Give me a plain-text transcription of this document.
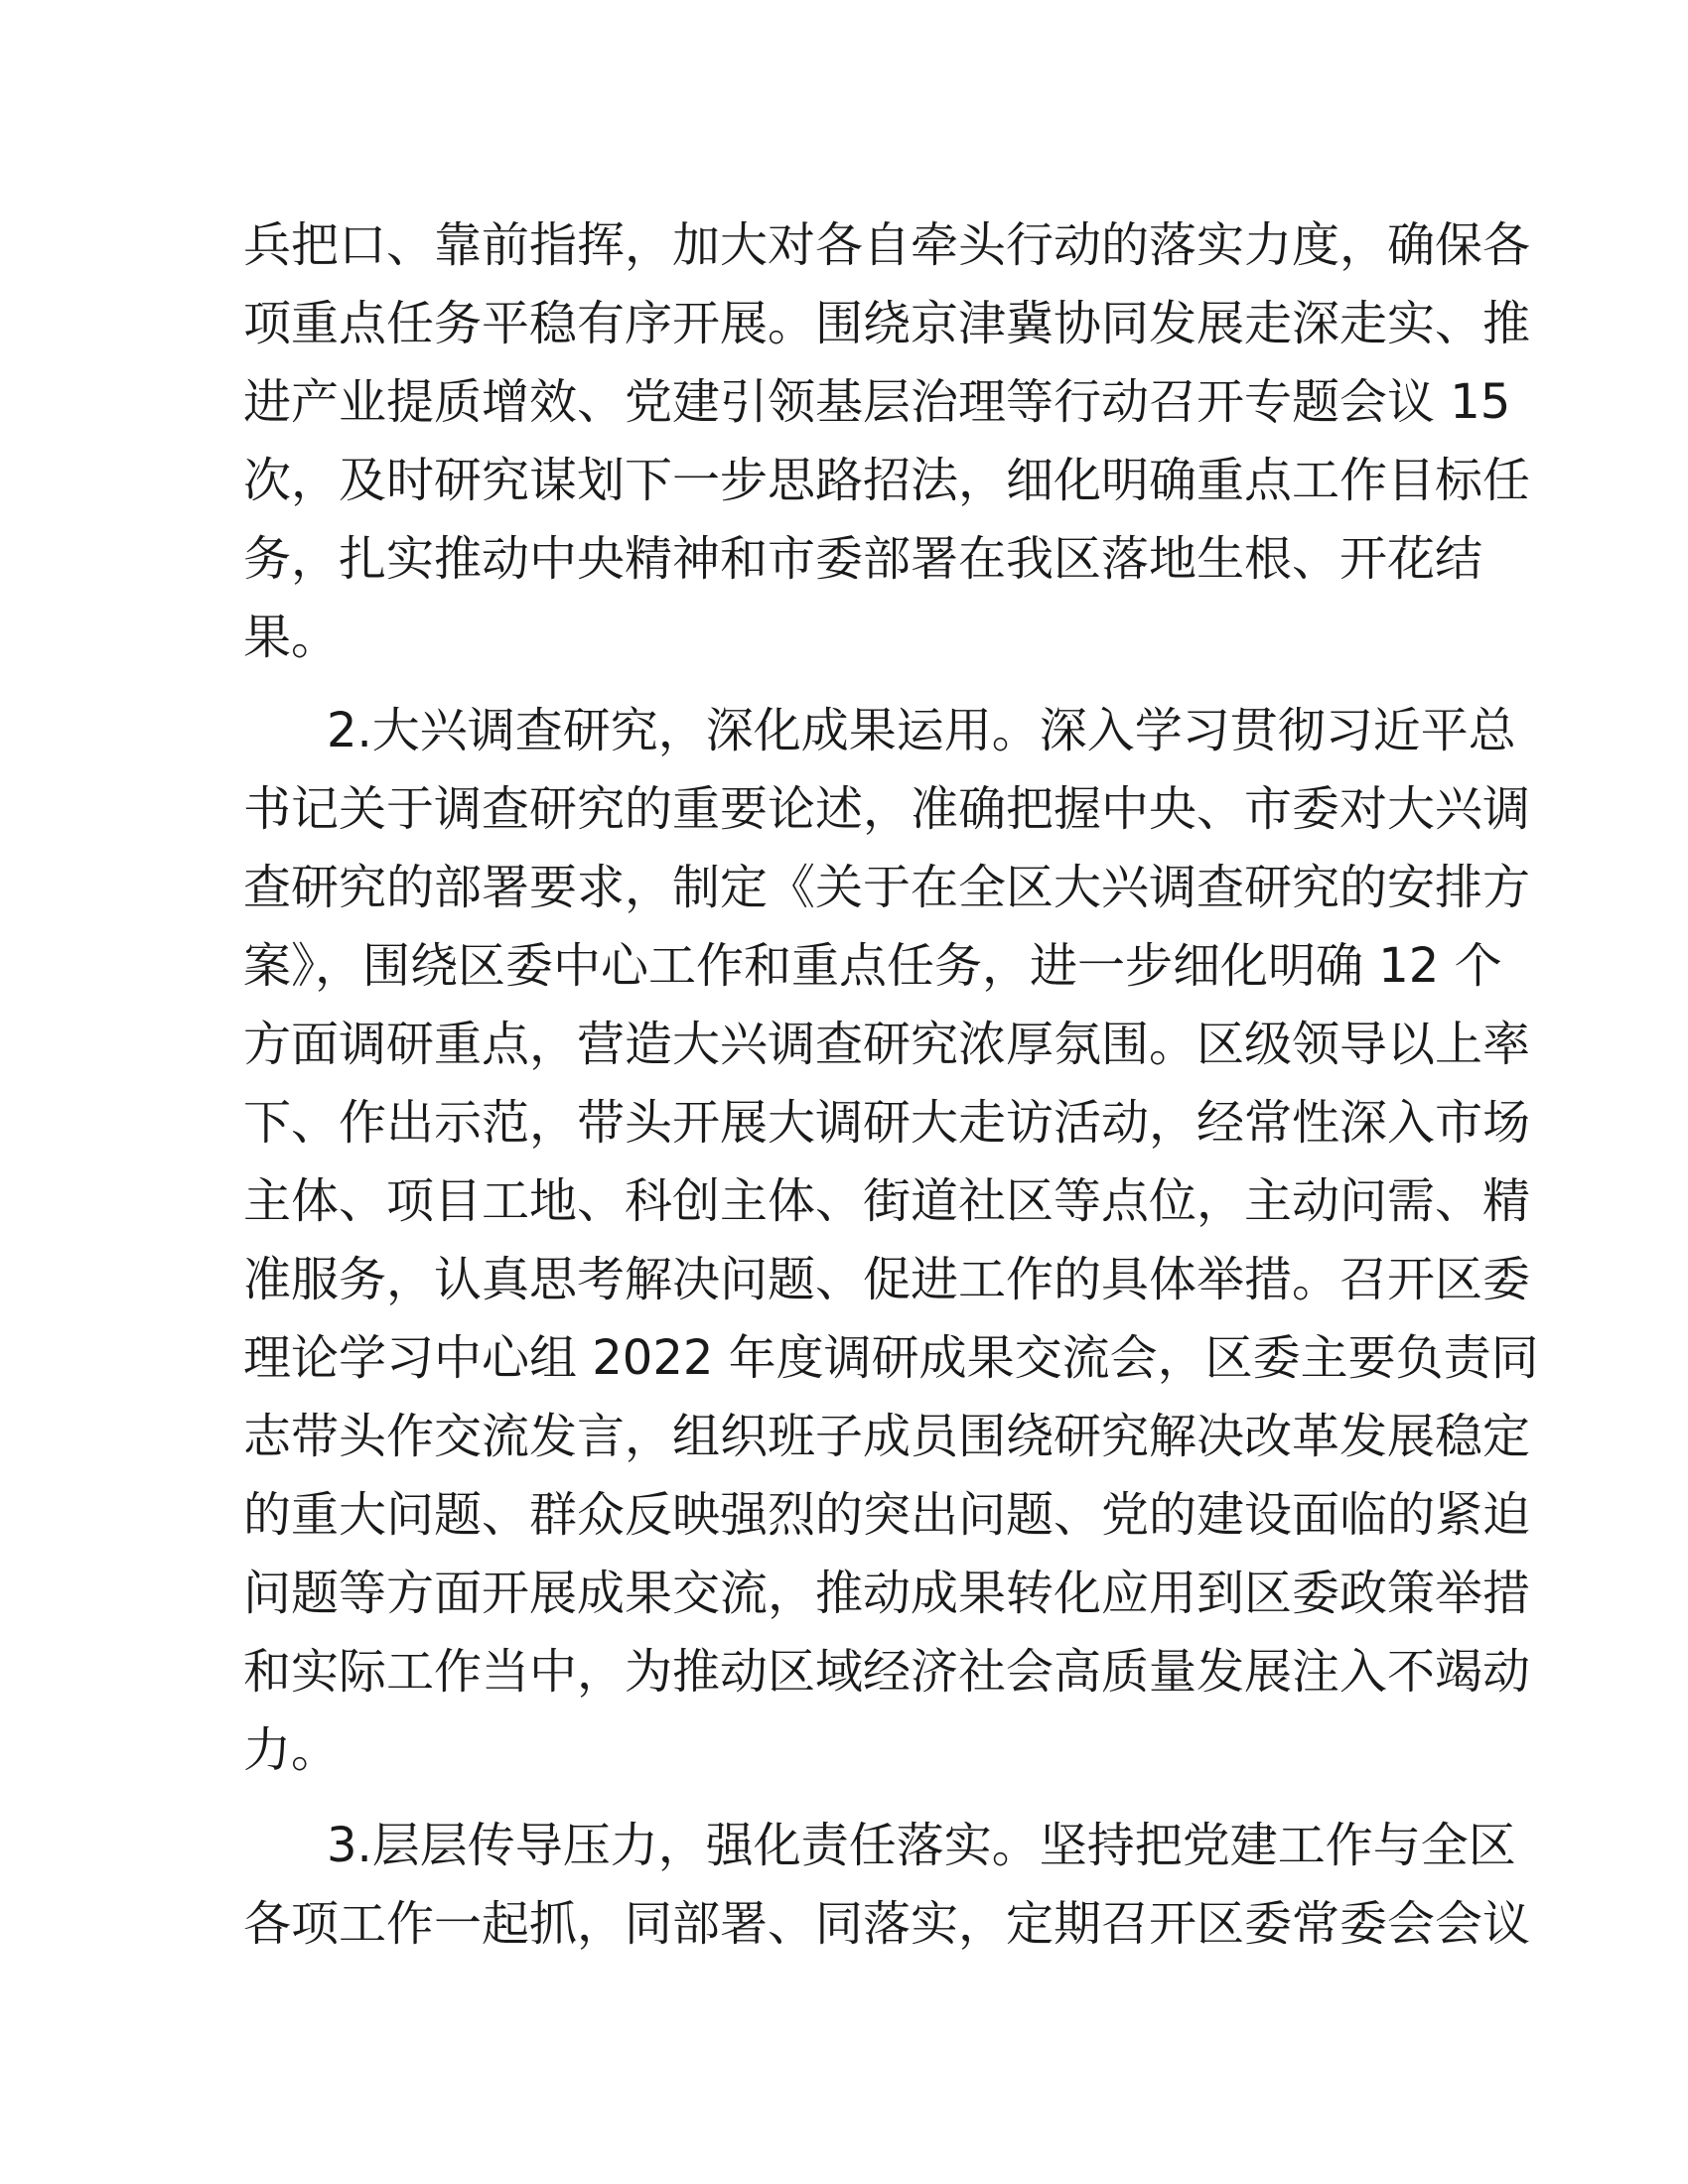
兵把口、靠前指挥，加大对各自牵头行动的落实力度，确保各
项重点任务平稳有序开展。围绕京津冀协同发展走深走实、推
进产业提质增效、党建引领基层治理等行动召开专题会议 15
次，及时研究谋划下一步思路招法，细化明确重点工作目标任
务，扎实推动中央精神和市委部署在我区落地生根、开花结
果。
2.大兴调查研究，深化成果运用。深入学习贯彻习近平总
书记关于调查研究的重要论述，准确把握中央、市委对大兴调
查研究的部署要求，制定《关于在全区大兴调查研究的安排方
案》，围绕区委中心工作和重点任务，进一步细化明确 12 个
方面调研重点，营造大兴调查研究浓厚氛围。区级领导以上率
下、作出示范，带头开展大调研大走访活动，经常性深入市场
主体、项目工地、科创主体、街道社区等点位，主动问需、精
准服务，认真思考解决问题、促进工作的具体举措。召开区委
理论学习中心组 2022 年度调研成果交流会，区委主要负责同
志带头作交流发言，组织班子成员围绕研究解决改革发展稳定
的重大问题、群众反映强烈的突出问题、党的建设面临的紧迫
问题等方面开展成果交流，推动成果转化应用到区委政策举措
和实际工作当中，为推动区域经济社会高质量发展注入不竭动
力。
3.层层传导压力，强化责任落实。坚持把党建工作与全区
各项工作一起抓，同部署、同落实，定期召开区委常委会会议
